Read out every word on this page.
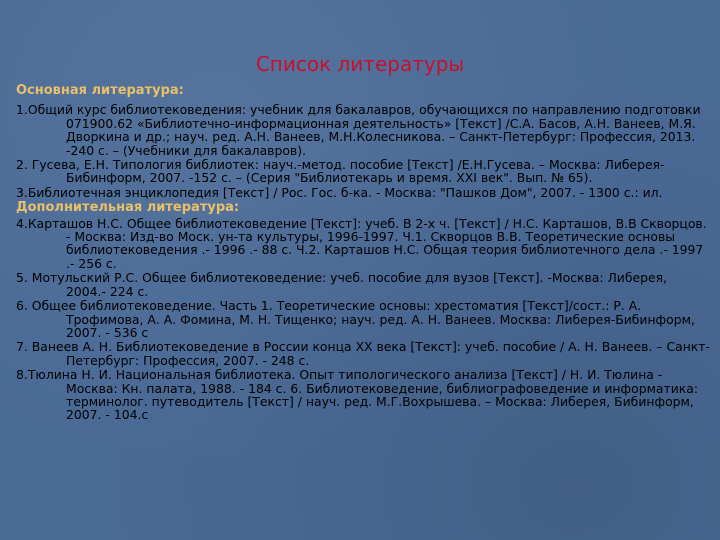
Список литературы
Основная литература:
1.Общий курс библиотековедения: учебник для бакалавров, обучающихся по направлению подготовки 071900.62 «Библиотечно-информационная деятельность» [Текст] /С.А. Басов, А.Н. Ванеев, М.Я. Дворкина и др.; науч. ред. А.Н. Ванеев, М.Н.Колесникова. – Санкт-Петербург: Профессия, 2013. -240 с. – (Учебники для бакалавров).
2. Гусева, Е.Н. Типология библиотек: науч.-метод. пособие [Текст] /Е.Н.Гусева. – Москва: Либерея-Бибинформ, 2007. -152 с. – (Серия "Библиотекарь и время. XXI век". Вып. № 65).
3.Библиотечная энциклопедия [Текст] / Рос. Гос. б-ка. - Москва: "Пашков Дом", 2007. - 1300 с.: ил.
Дополнительная литература:
4.Карташов Н.С. Общее библиотековедение [Текст]: учеб. В 2-х ч. [Текст] / Н.С. Карташов, В.В Скворцов. - Москва: Изд-во Моск. ун-та культуры, 1996-1997. Ч.1. Скворцов В.В. Теоретические основы библиотековедения .- 1996 .- 88 с. Ч.2. Карташов Н.С. Общая теория библиотечного дела .- 1997 .- 256 с.
5. Мотульский Р.С. Общее библиотековедение: учеб. пособие для вузов [Текст]. -Москва: Либерея, 2004.- 224 с.
6. Общее библиотековедение. Часть 1. Теоретические основы: хрестоматия [Текст]/сост.: Р. А. Трофимова, А. А. Фомина, М. Н. Тищенко; науч. ред. А. Н. Ванеев. Москва: Либерея-Бибинформ, 2007. - 536 с
7. Ванеев А. Н. Библиотековедение в России конца XX века [Текст]: учеб. пособие / А. Н. Ванеев. – Санкт-Петербург: Профессия, 2007. - 248 с.
8.Тюлина Н. И. Национальная библиотека. Опыт типологического анализа [Текст] / Н. И. Тюлина - Москва: Кн. палата, 1988. - 184 с. 6. Библиотековедение, библиографоведение и информатика: терминолог. путеводитель [Текст] / науч. ред. М.Г.Вохрышева. – Москва: Либерея, Бибинформ, 2007. - 104.с
